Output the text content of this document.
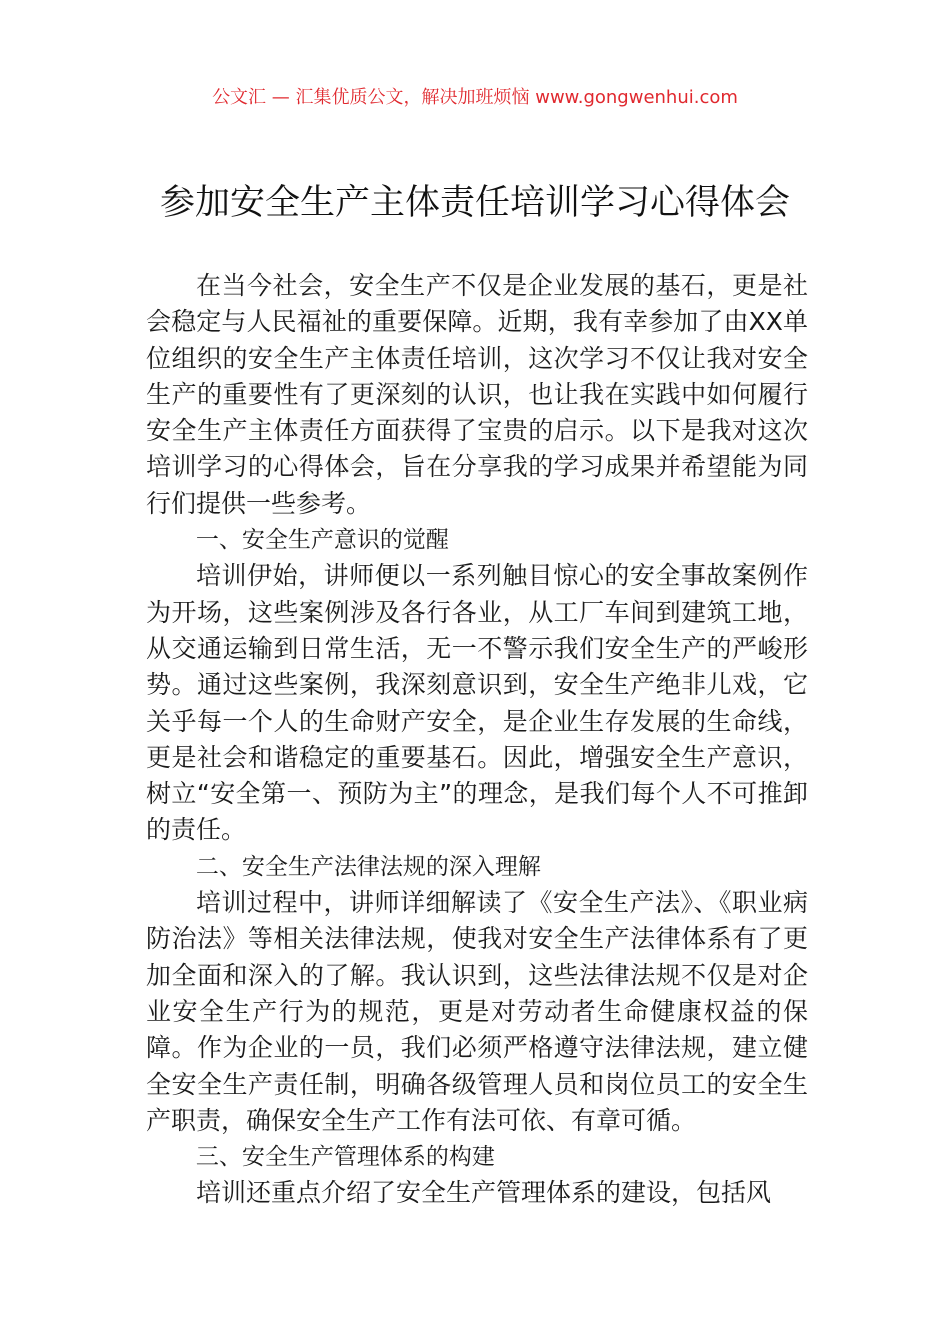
公文汇 — 汇集优质公文，解决加班烦恼 www.gongwenhui.com
参加安全生产主体责任培训学习心得体会

在当今社会，安全生产不仅是企业发展的基石，更是社会稳定与人民福祉的重要保障。近期，我有幸参加了由XX单位组织的安全生产主体责任培训，这次学习不仅让我对安全生产的重要性有了更深刻的认识，也让我在实践中如何履行安全生产主体责任方面获得了宝贵的启示。以下是我对这次培训学习的心得体会，旨在分享我的学习成果并希望能为同行们提供一些参考。

一、安全生产意识的觉醒

培训伊始，讲师便以一系列触目惊心的安全事故案例作为开场，这些案例涉及各行各业，从工厂车间到建筑工地，从交通运输到日常生活，无一不警示我们安全生产的严峻形势。通过这些案例，我深刻意识到，安全生产绝非儿戏，它关乎每一个人的生命财产安全，是企业生存发展的生命线，更是社会和谐稳定的重要基石。因此，增强安全生产意识，树立“安全第一、预防为主”的理念，是我们每个人不可推卸的责任。

二、安全生产法律法规的深入理解

培训过程中，讲师详细解读了《安全生产法》、《职业病防治法》等相关法律法规，使我对安全生产法律体系有了更加全面和深入的了解。我认识到，这些法律法规不仅是对企业安全生产行为的规范，更是对劳动者生命健康权益的保障。作为企业的一员，我们必须严格遵守法律法规，建立健全安全生产责任制，明确各级管理人员和岗位员工的安全生产职责，确保安全生产工作有法可依、有章可循。

三、安全生产管理体系的构建

培训还重点介绍了安全生产管理体系的建设，包括风
